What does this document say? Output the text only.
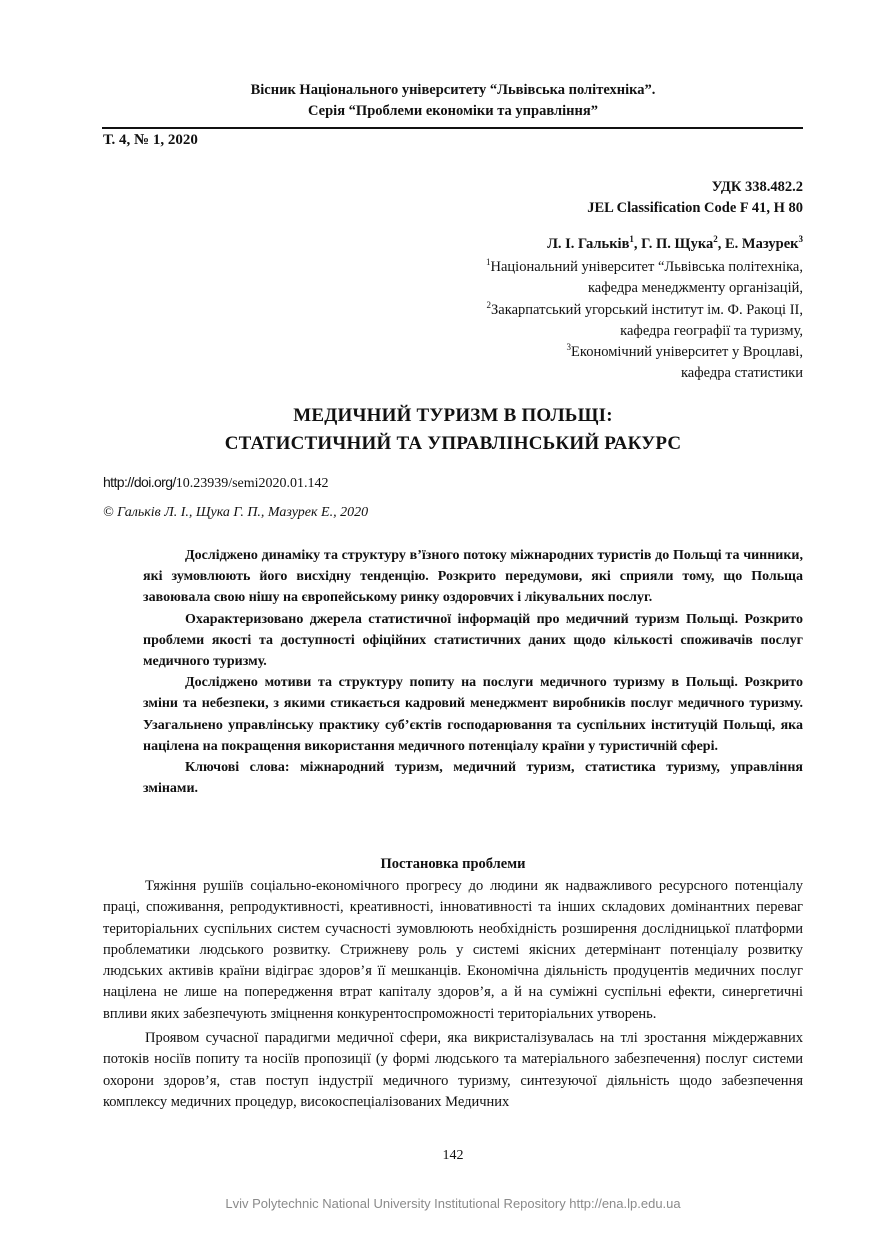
Вісник Національного університету “Львівська політехніка”.
Серія “Проблеми економіки та управління”
Т. 4, № 1, 2020
УДК 338.482.2
JEL Classification Code F 41, H 80
Л. І. Гальків$^1$, Г. П. Щука$^2$, Е. Мазурек$^3$
$^1$Національний університет “Львівська політехніка,
кафедра менеджменту організацій,
$^2$Закарпатський угорський інститут ім. Ф. Ракоці ІІ,
кафедра географії та туризму,
$^3$Економічний університет у Вроцлаві,
кафедра статистики
МЕДИЧНИЙ ТУРИЗМ В ПОЛЬЩІ:
СТАТИСТИЧНИЙ ТА УПРАВЛІНСЬКИЙ РАКУРС
http://doi.org/10.23939/semi2020.01.142
© Гальків Л. І., Щука Г. П., Мазурек Е., 2020

Досліджено динаміку та структуру в’їзного потоку міжнародних туристів до Польщі та чинники, які зумовлюють його висхідну тенденцію. Розкрито передумови, які сприяли тому, що Польща завоювала свою нішу на європейському ринку оздоровчих і лікувальних послуг.

Охарактеризовано джерела статистичної інформацій про медичний туризм Польщі. Розкрито проблеми якості та доступності офіційних статистичних даних щодо кількості споживачів послуг медичного туризму.

Досліджено мотиви та структуру попиту на послуги медичного туризму в Польщі. Розкрито зміни та небезпеки, з якими стикається кадровий менеджмент виробників послуг медичного туризму. Узагальнено управлінську практику суб’єктів господарювання та суспільних інституцій Польщі, яка націлена на покращення використання медичного потенціалу країни у туристичній сфері.

Ключові слова: міжнародний туризм, медичний туризм, статистика туризму, управління змінами.

Постановка проблеми

Тяжіння рушіїв соціально-економічного прогресу до людини як надважливого ресурсного потенціалу праці, споживання, репродуктивності, креативності, інновативності та інших складових домінантних переваг територіальних суспільних систем сучасності зумовлюють необхідність розширення дослідницької платформи проблематики людського розвитку. Стрижневу роль у системі якісних детермінант потенціалу розвитку людських активів країни відіграє здоров’я її мешканців. Економічна діяльність продуцентів медичних послуг націлена не лише на попередження втрат капіталу здоров’я, а й на суміжні суспільні ефекти, синергетичні впливи яких забезпечують зміцнення конкурентоспроможності територіальних утворень.

Проявом сучасної парадигми медичної сфери, яка викристалізувалась на тлі зростання міждержавних потоків носіїв попиту та носіїв пропозиції (у формі людського та матеріального забезпечення) послуг системи охорони здоров’я, став поступ індустрії медичного туризму, синтезуючої діяльність щодо забезпечення комплексу медичних процедур, високоспеціалізованих Медичних

142
Lviv Polytechnic National University Institutional Repository http://ena.lp.edu.ua
